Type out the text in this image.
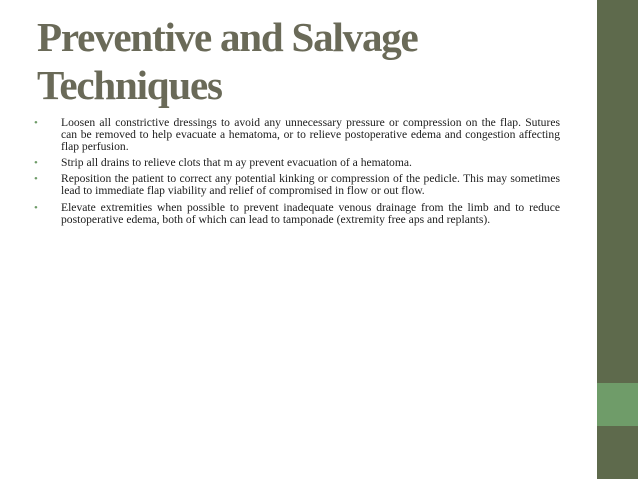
Preventive and Salvage
Techniques
• Loosen all constrictive dressings to avoid any unnecessary pressure or compression on the flap. Sutures can be removed to help evacuate a hematoma, or to relieve postoperative edema and congestion affecting flap perfusion.
• Strip all drains to relieve clots that m ay prevent evacuation of a hematoma.
• Reposition the patient to correct any potential kinking or compression of the pedicle. This may sometimes lead to immediate flap viability and relief of compromised in flow or out flow.
• Elevate extremities when possible to prevent inadequate venous drainage from the limb and to reduce postoperative edema, both of which can lead to tamponade (extremity free aps and replants).
